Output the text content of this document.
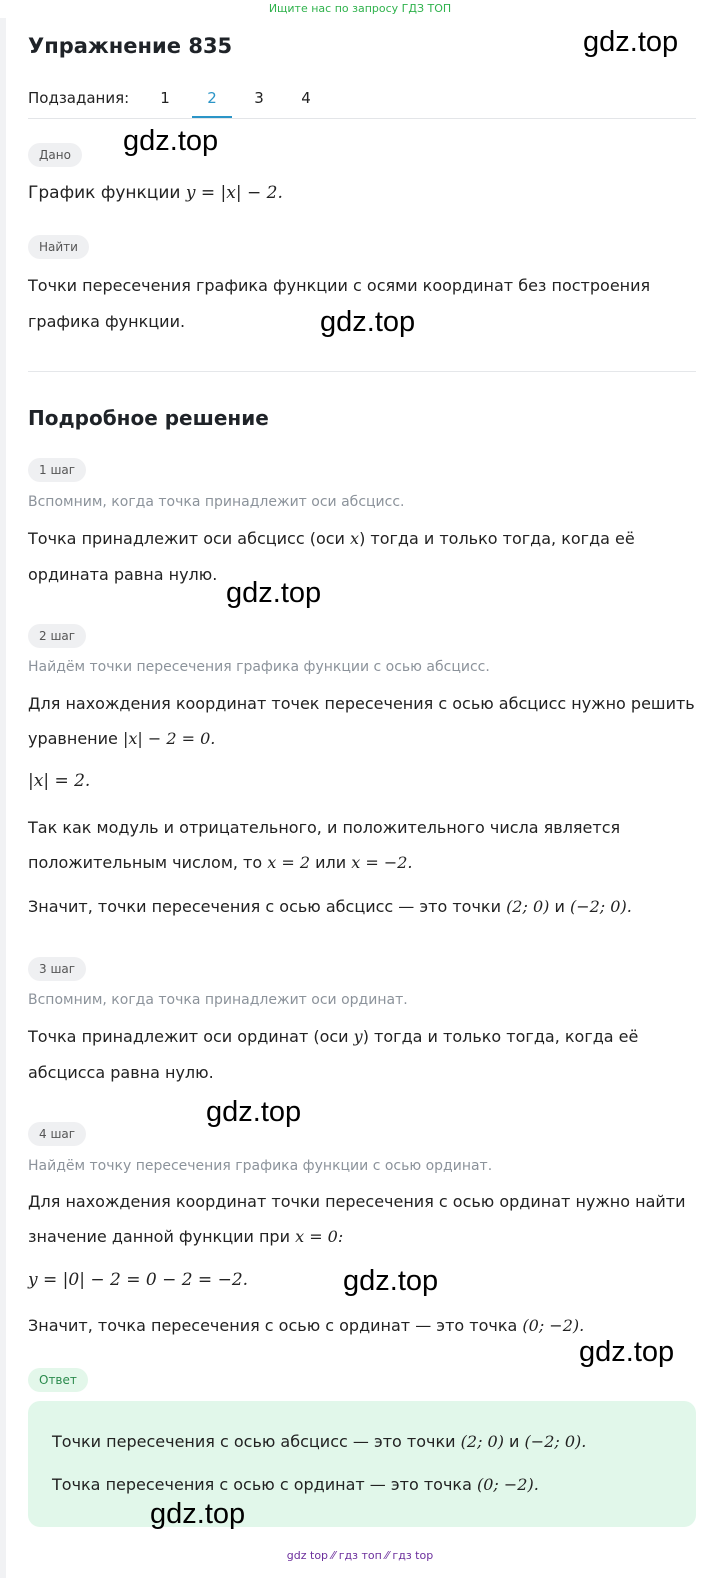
Ищите нас по запросу ГДЗ ТОП
Упражнение 835	gdz.top
Подзадания:	1	2	3	4
Дано	gdz.top
График функции y = |x| − 2.
Найти
Точки пересечения графика функции с осями координат без построения
графика функции.	gdz.top
Подробное решение
1 шаг
Вспомним, когда точка принадлежит оси абсцисс.
Точка принадлежит оси абсцисс (оси x) тогда и только тогда, когда её
ордината равна нулю.
gdz.top
2 шаг
Найдём точки пересечения графика функции с осью абсцисс.
Для нахождения координат точек пересечения с осью абсцисс нужно решить
уравнение |x| − 2 = 0.
|x| = 2.
Так как модуль и отрицательного, и положительного числа является
положительным числом, то x = 2 или x = −2.
Значит, точки пересечения с осью абсцисс — это точки (2; 0) и (−2; 0).
3 шаг
Вспомним, когда точка принадлежит оси ординат.
Точка принадлежит оси ординат (оси y) тогда и только тогда, когда её
абсцисса равна нулю.
gdz.top
4 шаг
Найдём точку пересечения графика функции с осью ординат.
Для нахождения координат точки пересечения с осью ординат нужно найти
значение данной функции при x = 0:
y = |0| − 2 = 0 − 2 = −2.	gdz.top
Значит, точка пересечения с осью с ординат — это точка (0; −2).
gdz.top
Ответ
Точки пересечения с осью абсцисс — это точки (2; 0) и (−2; 0).
Точка пересечения с осью с ординат — это точка (0; −2).
gdz.top
gdz top ⁄⁄ гдз топ ⁄⁄ гдз top
